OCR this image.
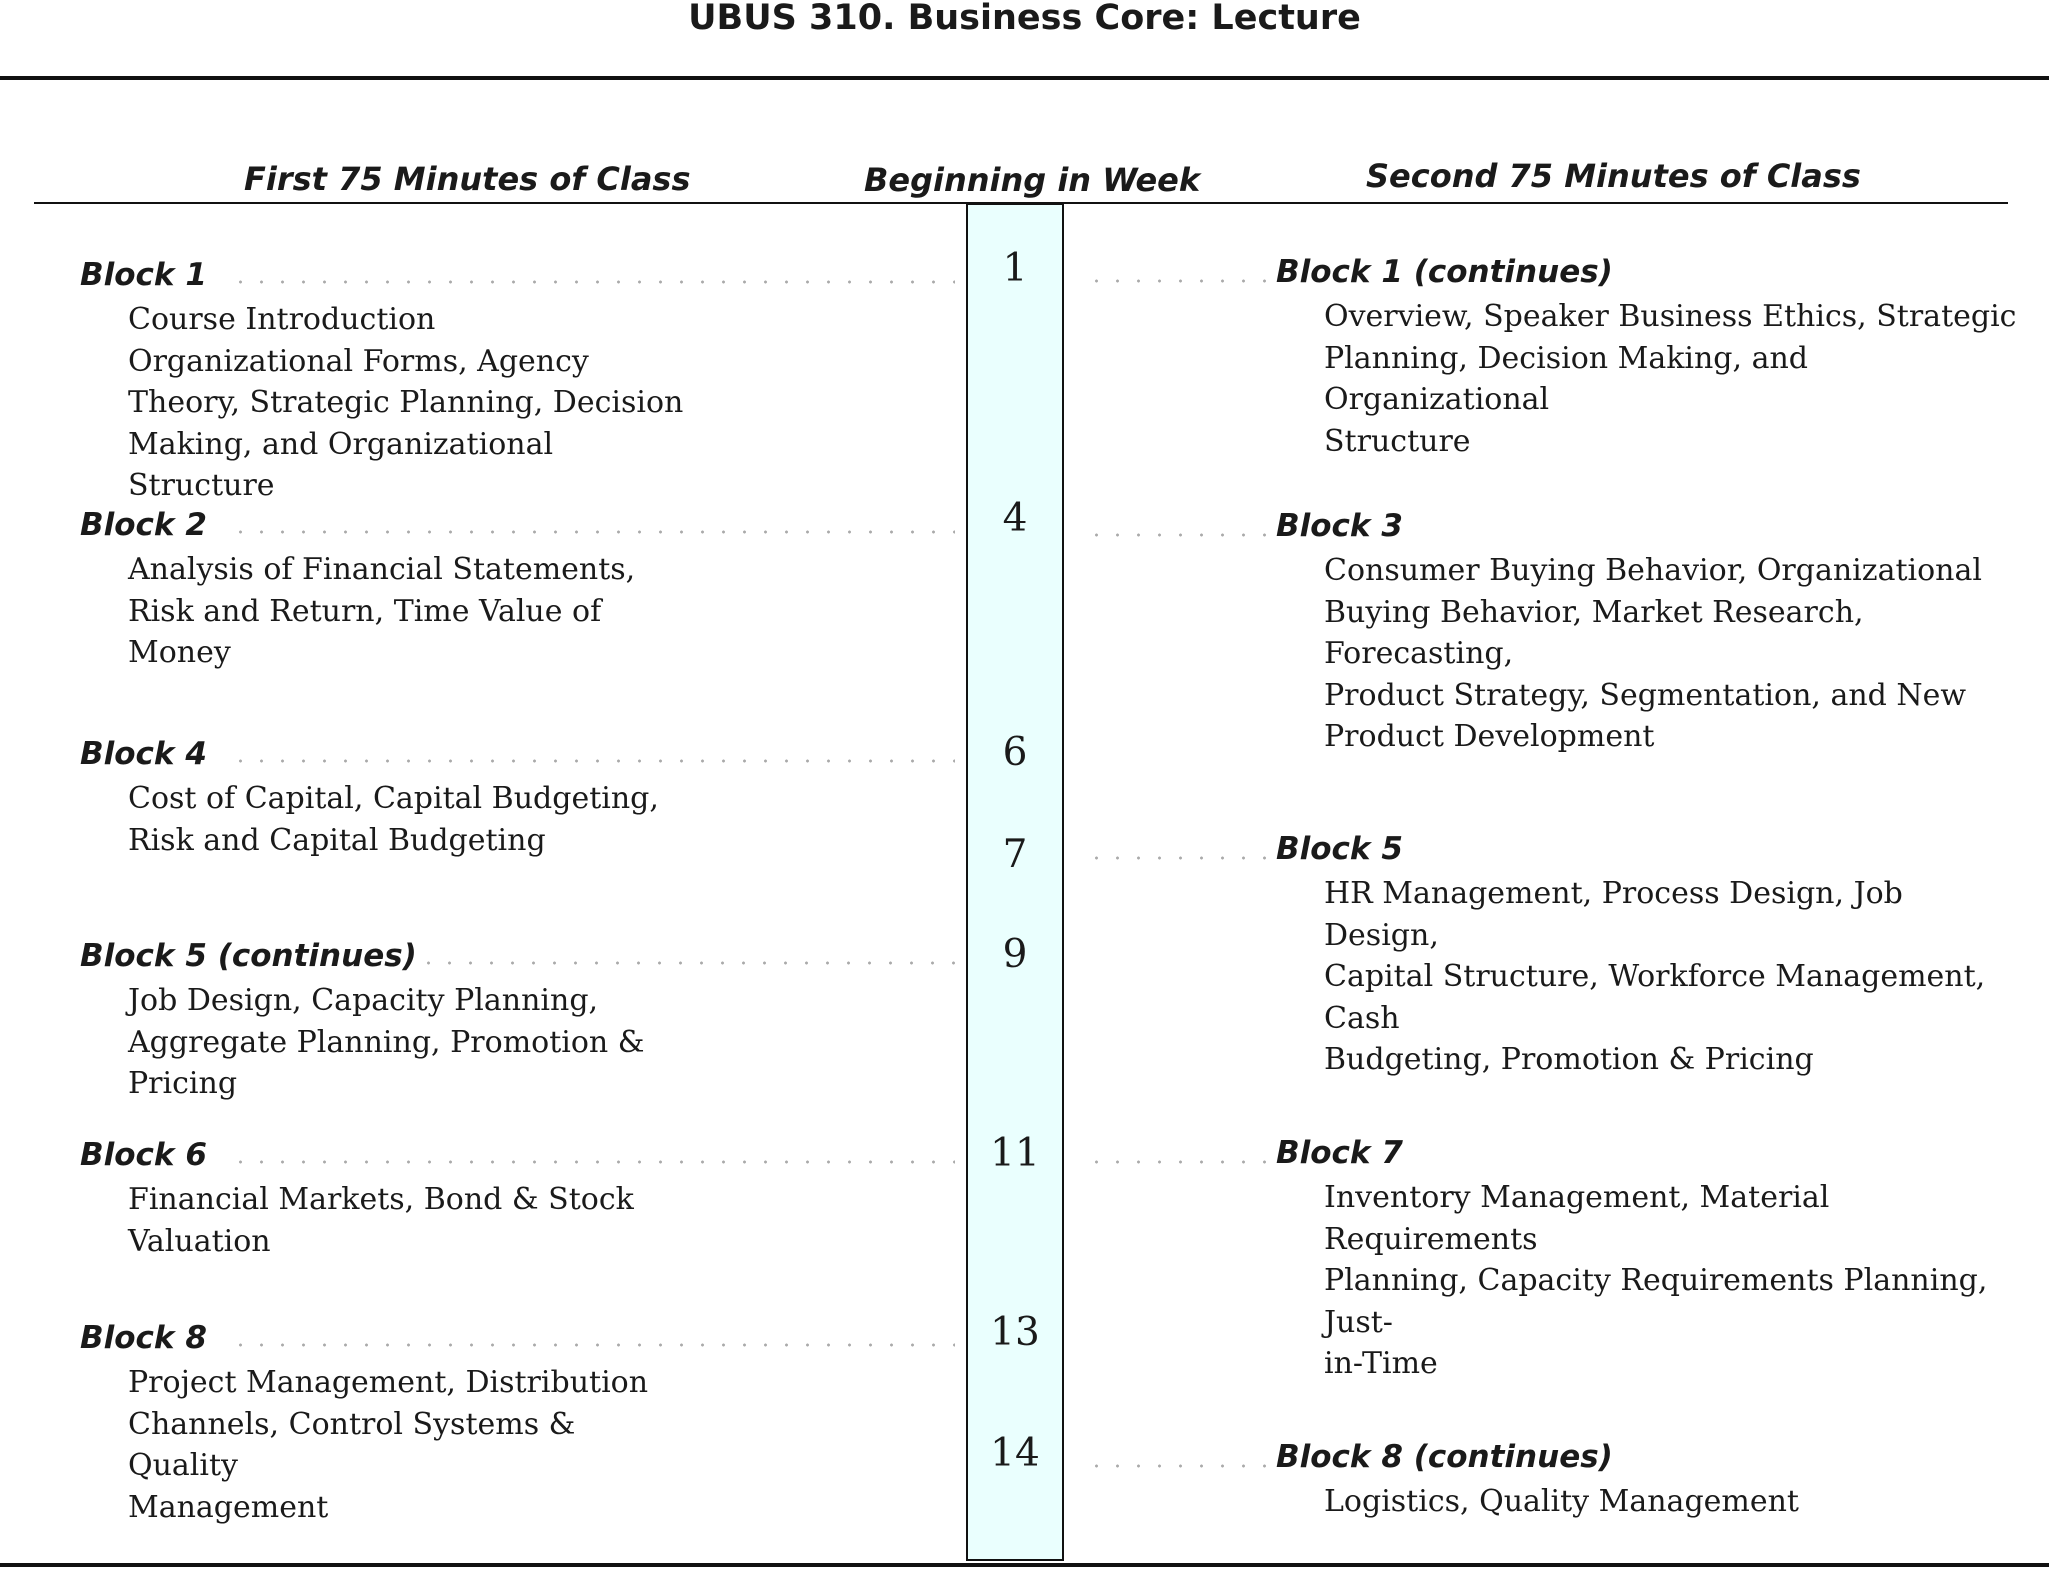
UBUS 310. Business Core: Lecture
First 75 Minutes of Class	Beginning in Week	Second 75 Minutes of Class
1
4
6
7
9
11
13
14
Block 1
Course Introduction
Organizational Forms, Agency
Theory, Strategic Planning, Decision
Making, and Organizational Structure
Block 2
Analysis of Financial Statements,
Risk and Return, Time Value of
Money
Block 4
Cost of Capital, Capital Budgeting,
Risk and Capital Budgeting
Block 5 (continues)
Job Design, Capacity Planning,
Aggregate Planning, Promotion &
Pricing
Block 6
Financial Markets, Bond & Stock
Valuation
Block 8
Project Management, Distribution
Channels, Control Systems & Quality
Management
Block 1 (continues)
Overview, Speaker Business Ethics, Strategic
Planning, Decision Making, and Organizational
Structure
Block 3
Consumer Buying Behavior, Organizational
Buying Behavior, Market Research, Forecasting,
Product Strategy, Segmentation, and New
Product Development
Block 5
HR Management, Process Design, Job Design,
Capital Structure, Workforce Management, Cash
Budgeting, Promotion & Pricing
Block 7
Inventory Management, Material Requirements
Planning, Capacity Requirements Planning, Just-
in-Time
Block 8 (continues)
Logistics, Quality Management
